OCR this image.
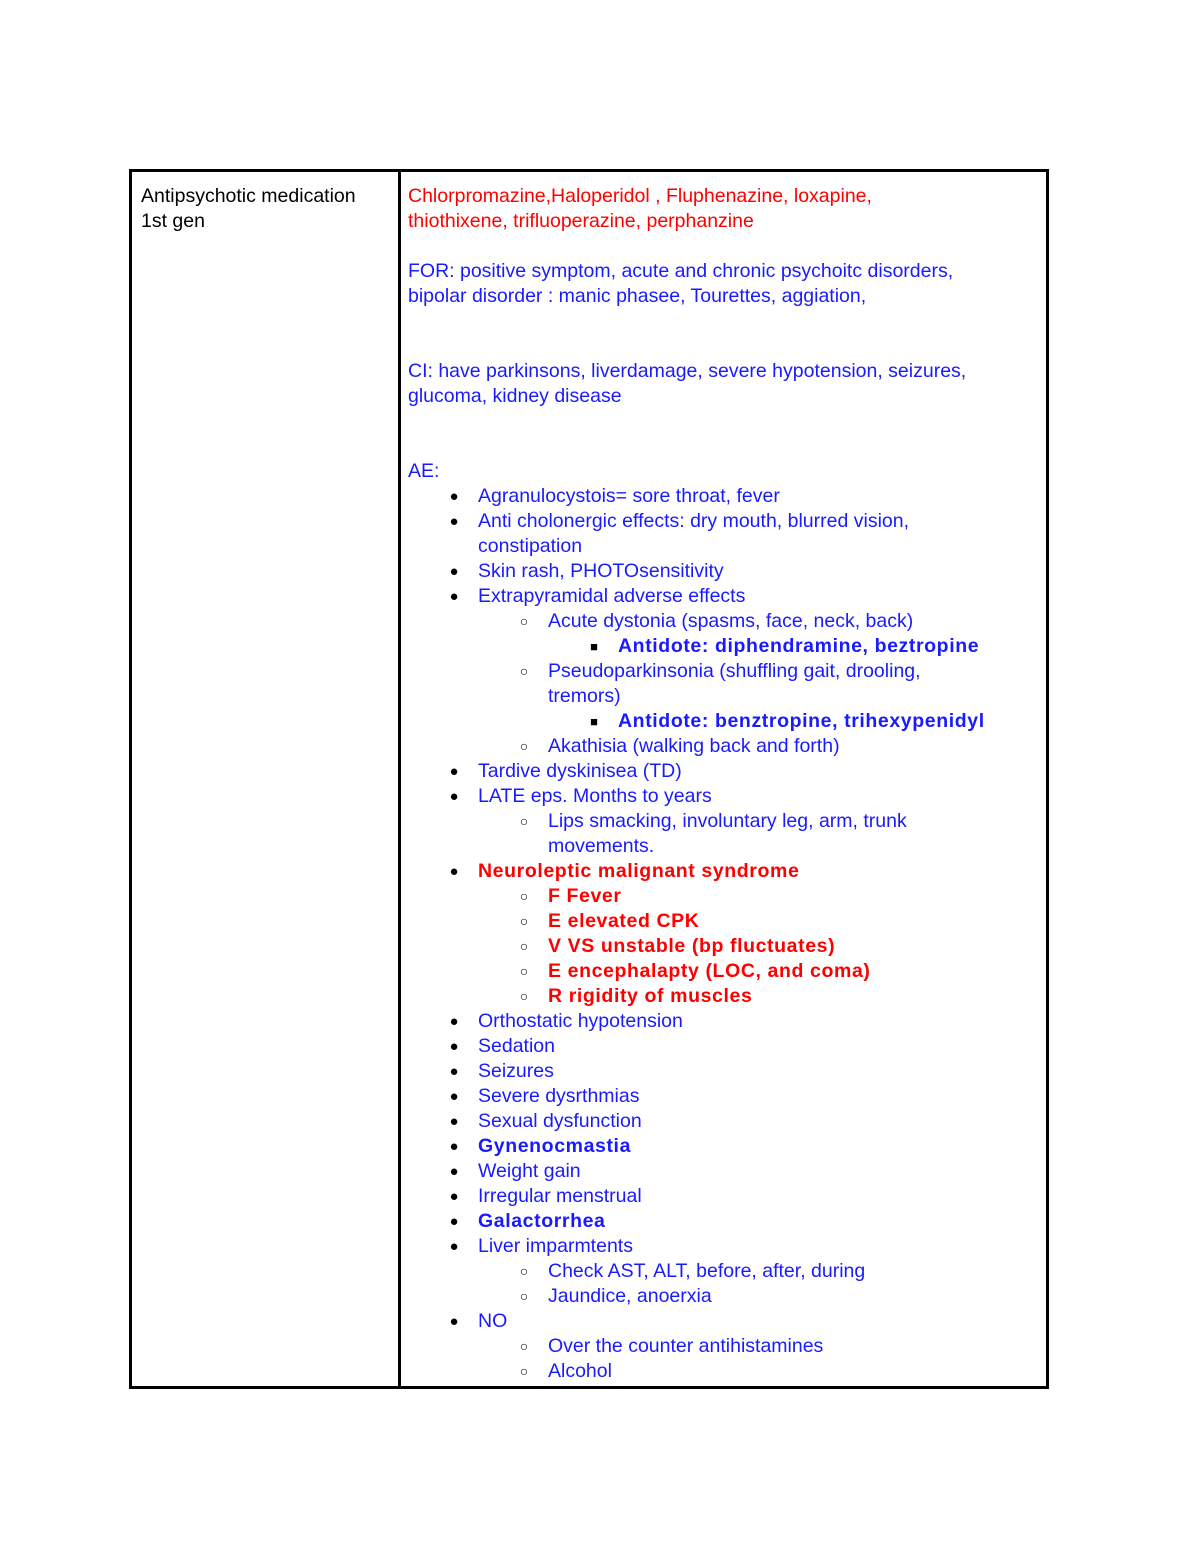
Antipsychotic medication
1st gen
Chlorpromazine,Haloperidol , Fluphenazine, loxapine,
thiothixene, trifluoperazine, perphanzine
FOR: positive symptom, acute and chronic psychoitc disorders,
bipolar disorder : manic phasee, Tourettes, aggiation,
CI: have parkinsons, liverdamage, severe hypotension, seizures,
glucoma, kidney disease
AE:
● Agranulocystois= sore throat, fever
● Anti cholonergic effects: dry mouth, blurred vision,
constipation
● Skin rash, PHOTOsensitivity
● Extrapyramidal adverse effects
○ Acute dystonia (spasms, face, neck, back)
■	Antidote: diphendramine, beztropine
○ Pseudoparkinsonia (shuffling gait, drooling,
tremors)
■	Antidote: benztropine, trihexypenidyl
○ Akathisia (walking back and forth)
● Tardive dyskinisea (TD)
● LATE eps. Months to years
○ Lips smacking, involuntary leg, arm, trunk
movements.
● Neuroleptic malignant syndrome
○ F Fever
○ E elevated CPK
○ V VS unstable (bp fluctuates)
○ E encephalapty (LOC, and coma)
○ R rigidity of muscles
● Orthostatic hypotension
● Sedation
● Seizures
● Severe dysrthmias
● Sexual dysfunction
● Gynenocmastia
● Weight gain
● Irregular menstrual
● Galactorrhea
● Liver imparmtents
○ Check AST, ALT, before, after, during
○ Jaundice, anoerxia
● NO
○ Over the counter antihistamines
○ Alcohol
